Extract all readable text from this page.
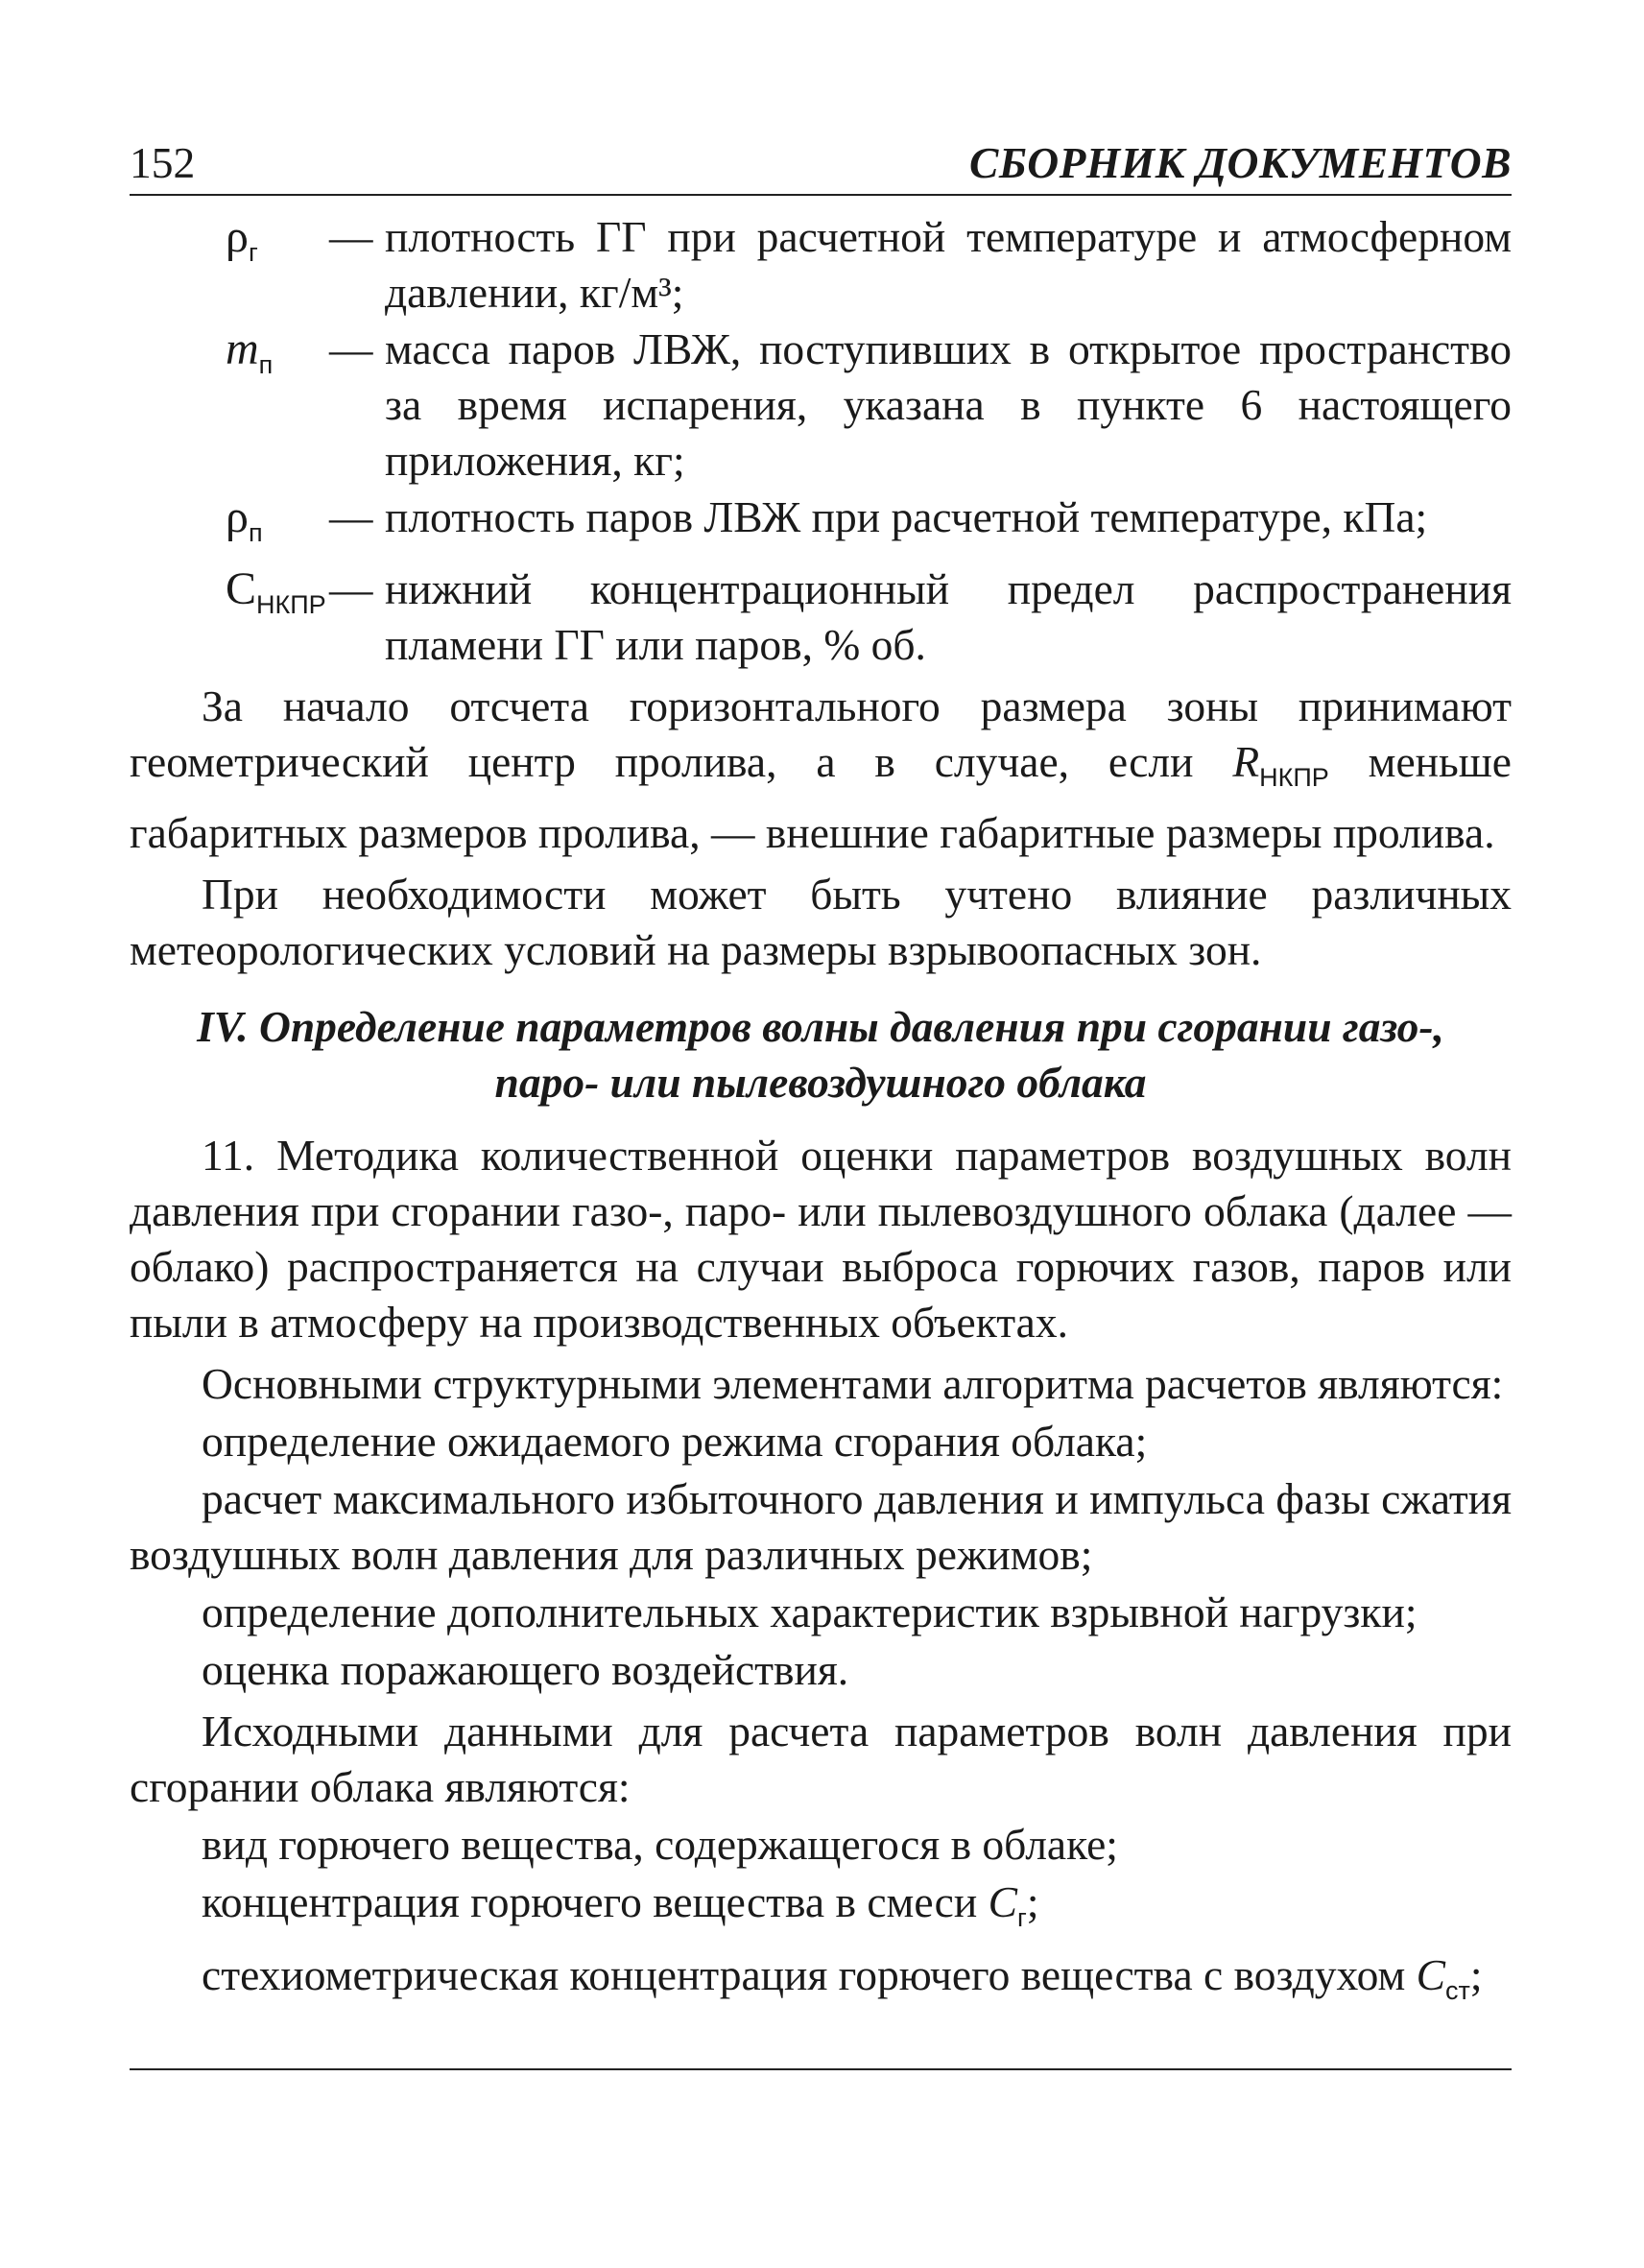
152	СБОРНИК ДОКУМЕНТОВ
$\rho_г$	— плотность ГГ при расчетной температуре и атмосферном давлении, кг/м³;
$m_п$	— масса паров ЛВЖ, поступивших в открытое пространство за время испарения, указана в пункте 6 настоящего приложения, кг;
$\rho_п$	— плотность паров ЛВЖ при расчетной температуре, кПа;
$C_{НКПР}$ — нижний концентрационный предел распространения пламени ГГ или паров, % об.

За начало отсчета горизонтального размера зоны принимают геометрический центр пролива, а в случае, если $R_{НКПР}$ меньше габаритных размеров пролива, — внешние габаритные размеры пролива.

При необходимости может быть учтено влияние различных метеорологических условий на размеры взрывоопасных зон.

IV. Определение параметров волны давления при сгорании газо-, паро- или пылевоздушного облака

11. Методика количественной оценки параметров воздушных волн давления при сгорании газо-, паро- или пылевоздушного облака (далее — облако) распространяется на случаи выброса горючих газов, паров или пыли в атмосферу на производственных объектах.

Основными структурными элементами алгоритма расчетов являются:

определение ожидаемого режима сгорания облака;

расчет максимального избыточного давления и импульса фазы сжатия воздушных волн давления для различных режимов;

определение дополнительных характеристик взрывной нагрузки;

оценка поражающего воздействия.

Исходными данными для расчета параметров волн давления при сгорании облака являются:

вид горючего вещества, содержащегося в облаке;

концентрация горючего вещества в смеси $C_г$;

стехиометрическая концентрация горючего вещества с воздухом $C_{ст}$;
